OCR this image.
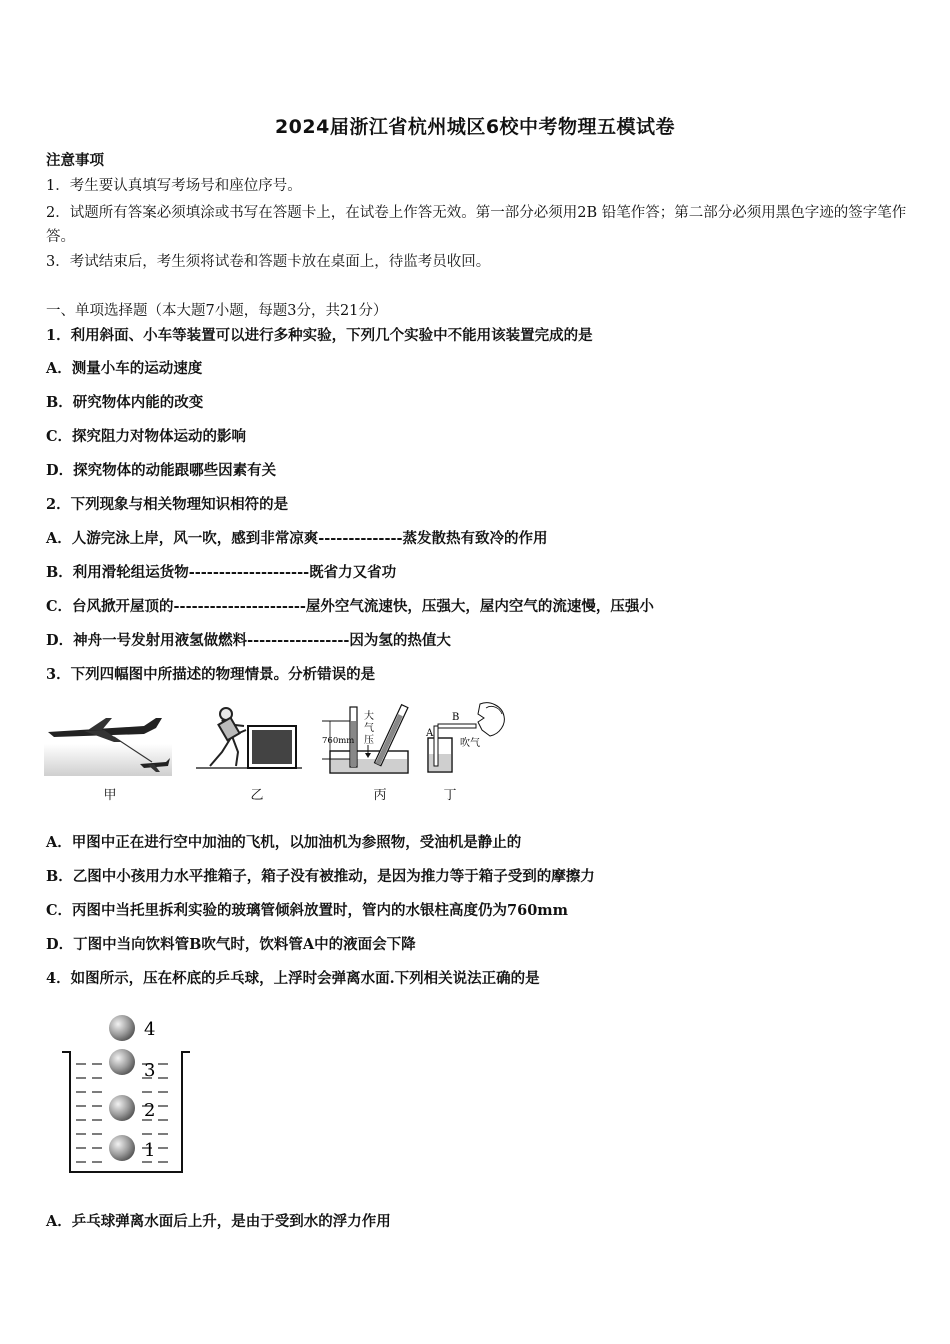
2024届浙江省杭州城区6校中考物理五模试卷
注意事项
1．考生要认真填写考场号和座位序号。
2．试题所有答案必须填涂或书写在答题卡上，在试卷上作答无效。第一部分必须用2B 铅笔作答；第二部分必须用黑色字迹的签字笔作答。
3．考试结束后，考生须将试卷和答题卡放在桌面上，待监考员收回。
一、单项选择题（本大题7小题，每题3分，共21分）
1．利用斜面、小车等装置可以进行多种实验，下列几个实验中不能用该装置完成的是
A．测量小车的运动速度
B．研究物体内能的改变
C．探究阻力对物体运动的影响
D．探究物体的动能跟哪些因素有关
2．下列现象与相关物理知识相符的是
A．人游完泳上岸，风一吹，感到非常凉爽--------------蒸发散热有致冷的作用
B．利用滑轮组运货物--------------------既省力又省功
C．台风掀开屋顶的----------------------屋外空气流速快，压强大，屋内空气的流速慢，压强小
D．神舟一号发射用液氢做燃料-----------------因为氢的热值大
3．下列四幅图中所描述的物理情景。分析错误的是
760mm
大
气
压
A
B
吹气
甲	乙	丙	丁
A．甲图中正在进行空中加油的飞机，以加油机为参照物，受油机是静止的
B．乙图中小孩用力水平推箱子，箱子没有被推动，是因为推力等于箱子受到的摩擦力
C．丙图中当托里拆利实验的玻璃管倾斜放置时，管内的水银柱高度仍为760mm
D．丁图中当向饮料管B吹气时，饮料管A中的液面会下降
4．如图所示，压在杯底的乒乓球，上浮时会弹离水面.下列相关说法正确的是
4
3
2
1
A．乒乓球弹离水面后上升，是由于受到水的浮力作用
